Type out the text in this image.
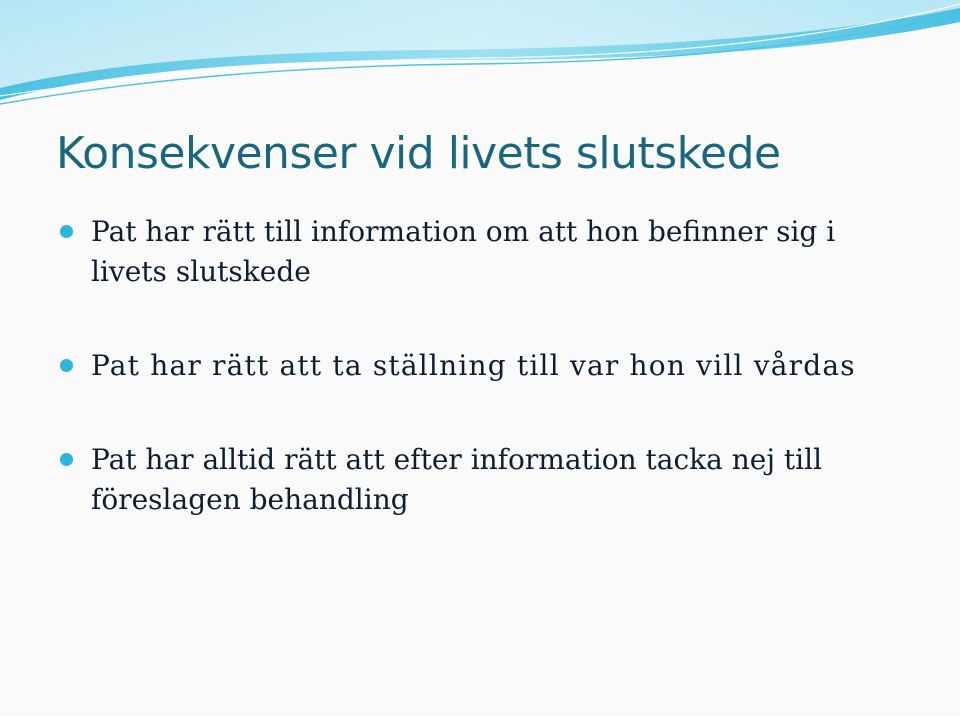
Konsekvenser vid livets slutskede
Pat har rätt till information om att hon befinner sig i livets slutskede
Pat har rätt att ta ställning till var hon vill vårdas
Pat har alltid rätt att efter information tacka nej till föreslagen behandling
